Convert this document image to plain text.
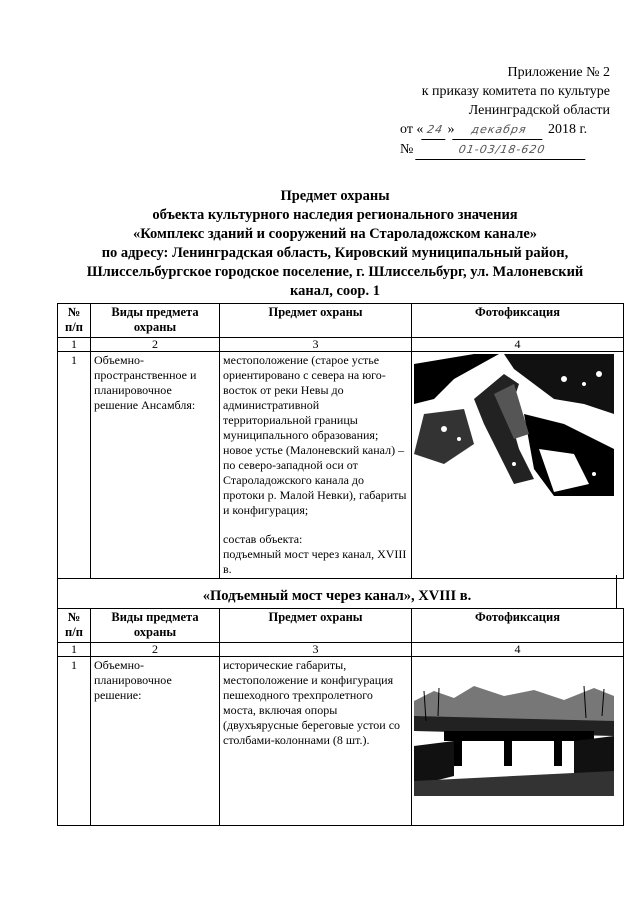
Приложение № 2
к приказу комитета по культуре
Ленинградской области
от « 24 » декабря 2018 г.
№	01-03/18-620
Предмет охраны
объекта культурного наследия регионального значения
«Комплекс зданий и сооружений на Староладожском канале»
по адресу: Ленинградская область, Кировский муниципальный район,
Шлиссельбургское городское поселение, г. Шлиссельбург, ул. Малоневский
канал, соор. 1
№ п/п	Виды предмета охраны	Предмет охраны	Фотофиксация
1	2	3	4
1	Объемно-пространственное и планировочное решение Ансамбля:	местоположение (старое устье ориентировано с севера на юго-восток от реки Невы до административной территориальной границы муниципального образования; новое устье (Малоневский канал) – по северо-западной оси от Староладожского канала до протоки р. Малой Невки), габариты и конфигурация;
состав объекта:
подъемный мост через канал, XVIII в.

«Подъемный мост через канал», XVIII в.
№ п/п	Виды предмета охраны	Предмет охраны	Фотофиксация
1	2	3	4
1	Объемно-планировочное решение:	исторические габариты, местоположение и конфигурация пешеходного трехпролетного моста, включая опоры (двухъярусные береговые устои со столбами-колоннами (8 шт.).	
